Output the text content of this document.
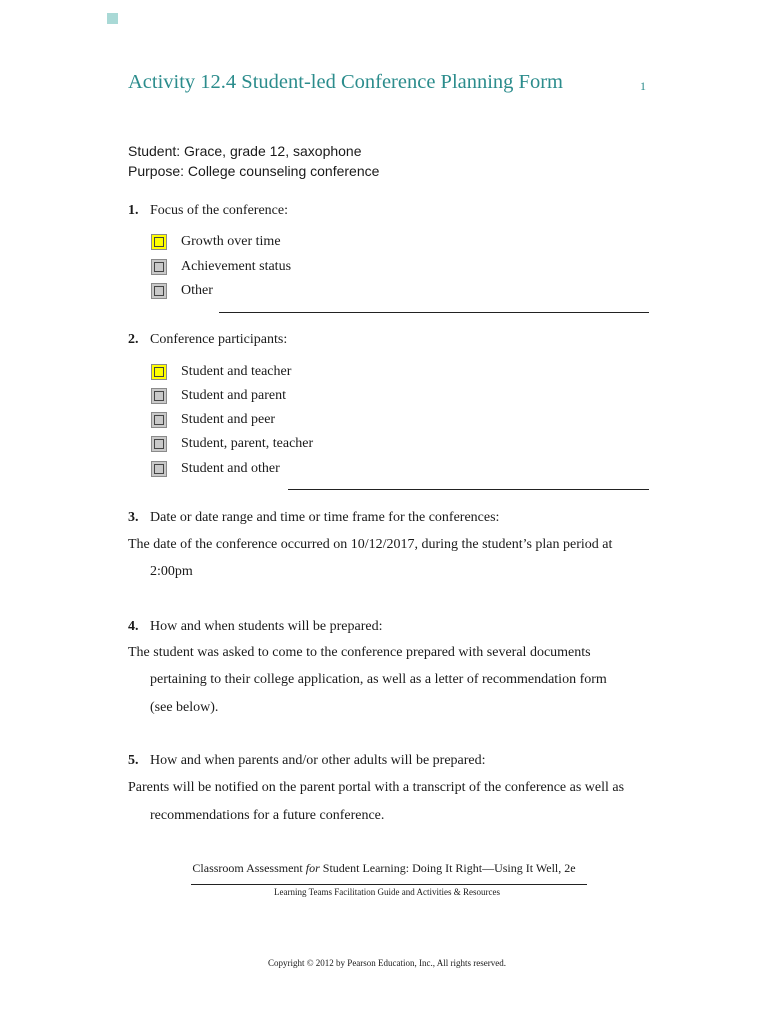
Activity 12.4 Student-led Conference Planning Form	1
Student: Grace, grade 12, saxophone
Purpose: College counseling conference
1. Focus of the conference:
Growth over time
Achievement status
Other
2. Conference participants:
Student and teacher
Student and parent
Student and peer
Student, parent, teacher
Student and other
3. Date or date range and time or time frame for the conferences:
The date of the conference occurred on 10/12/2017, during the student’s plan period at
2:00pm
4. How and when students will be prepared:
The student was asked to come to the conference prepared with several documents
pertaining to their college application, as well as a letter of recommendation form
(see below).
5. How and when parents and/or other adults will be prepared:
Parents will be notified on the parent portal with a transcript of the conference as well as
recommendations for a future conference.
Classroom Assessment for Student Learning: Doing It Right—Using It Well, 2e
Learning Teams Facilitation Guide and Activities & Resources
Copyright © 2012 by Pearson Education, Inc., All rights reserved.
